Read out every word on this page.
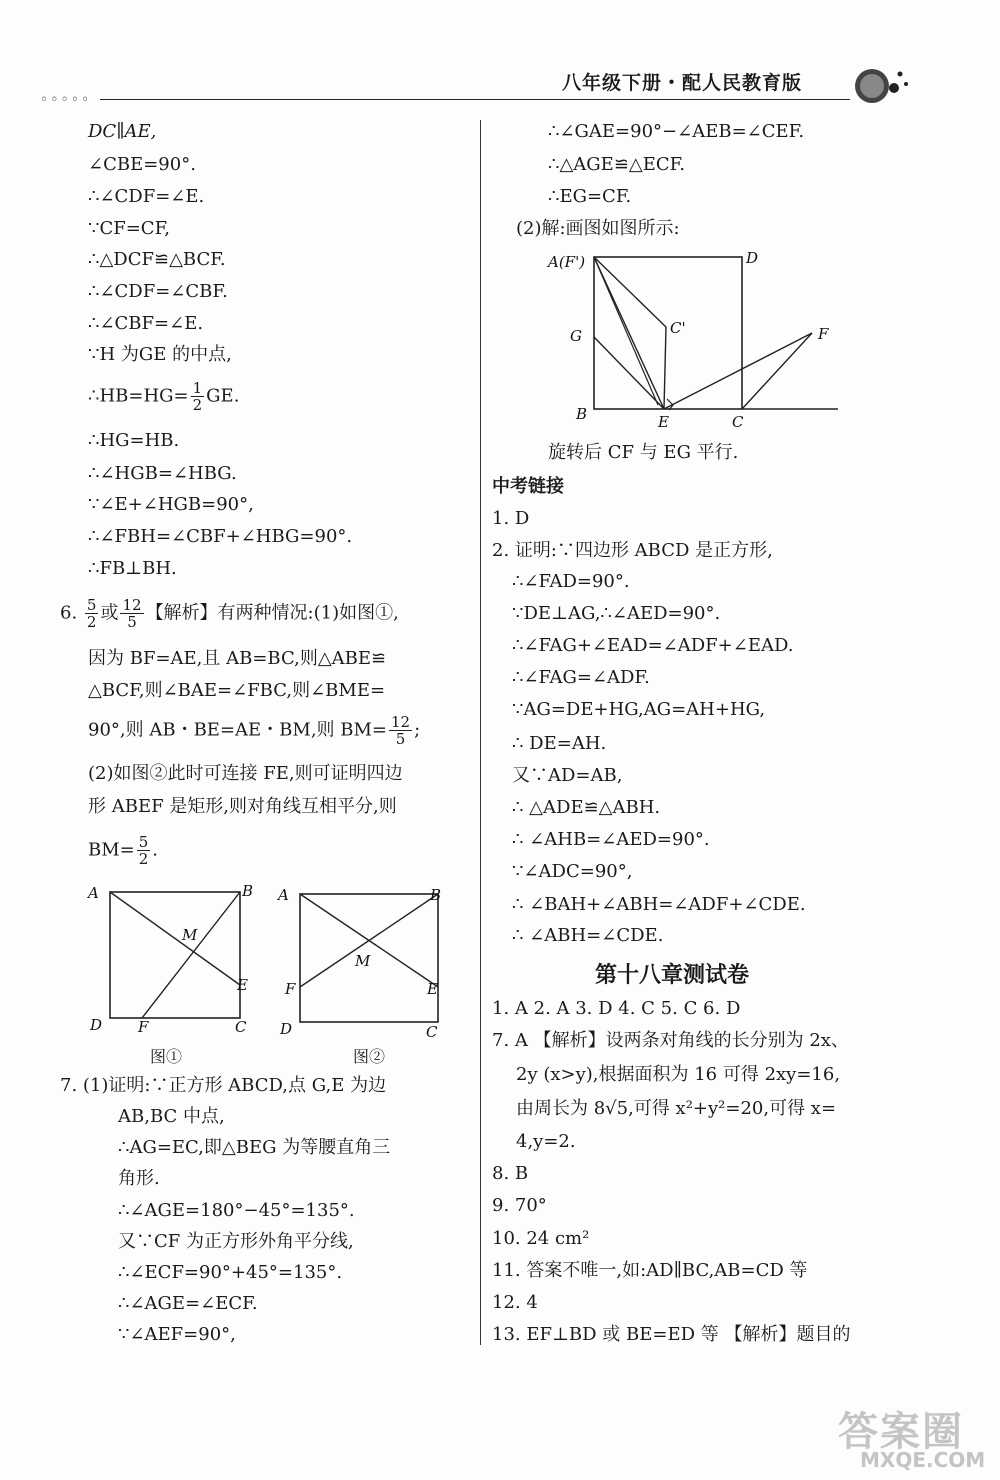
◦◦◦◦◦
八年级下册・配人民教育版
DC∥AE,
∠CBE=90°.
∴∠CDF=∠E.
∵CF=CF,
∴△DCF≌△BCF.
∴∠CDF=∠CBF.
∴∠CBF=∠E.
∵H 为GE 的中点,
∴HB=HG= $\frac{1}{2}$ GE.
∴HG=HB.
∴∠HGB=∠HBG.
∵∠E+∠HGB=90°,
∴∠FBH=∠CBF+∠HBG=90°.
∴FB⊥BH.
6. $\frac{5}{2}$ 或 $\frac{12}{5}$ 【解析】有两种情况:(1)如图①,
因为 BF=AE,且 AB=BC,则△ABE≌
△BCF,则∠BAE=∠FBC,则∠BME=
90°,则 AB・BE=AE・BM,则 $BM= \frac{12}{5}$ ;
(2)如图②此时可连接 FE,则可证明四边
形 ABEF 是矩形,则对角线互相平分,则
$BM= \frac{5}{2}$ .
A	B
M
E
D F	C
图①
A	B
M
F	E
D	C
图②
7. (1)证明:∵正方形 ABCD,点 G,E 为边
AB,BC 中点,
∴AG=EC,即△BEG 为等腰直角三
角形.
∴∠AGE=180°−45°=135°.
又∵CF 为正方形外角平分线,
∴∠ECF=90°+45°=135°.
∴∠AGE=∠ECF.
∵∠AEF=90°,
∴∠GAE=90°−∠AEB=∠CEF.
∴△AGE≌△ECF.
∴EG=CF.
(2)解:画图如图所示:
A(F')	D
G	C'	F
B	E	C
旋转后 CF 与 EG 平行.
中考链接
1. D
2. 证明:∵四边形 ABCD 是正方形,
∴∠FAD=90°.
∵DE⊥AG,∴∠AED=90°.
∴∠FAG+∠EAD=∠ADF+∠EAD.
∴∠FAG=∠ADF.
∵AG=DE+HG,AG=AH+HG,
∴ DE=AH.
又∵AD=AB,
∴ △ADE≌△ABH.
∴ ∠AHB=∠AED=90°.
∵∠ADC=90°,
∴ ∠BAH+∠ABH=∠ADF+∠CDE.
∴ ∠ABH=∠CDE.
第十八章测试卷
1. A 2. A 3. D 4. C 5. C 6. D
7. A 【解析】设两条对角线的长分别为 2x、
2y (x>y),根据面积为 16 可得 2xy=16,
由周长为 8√5,可得 x²+y²=20,可得 x=
4,y=2.
8. B
9. 70°
10. 24 cm²
11. 答案不唯一,如:AD∥BC,AB=CD 等
12. 4
13. EF⊥BD 或 BE=ED 等 【解析】题目的
答案圈
MXQE.COM
